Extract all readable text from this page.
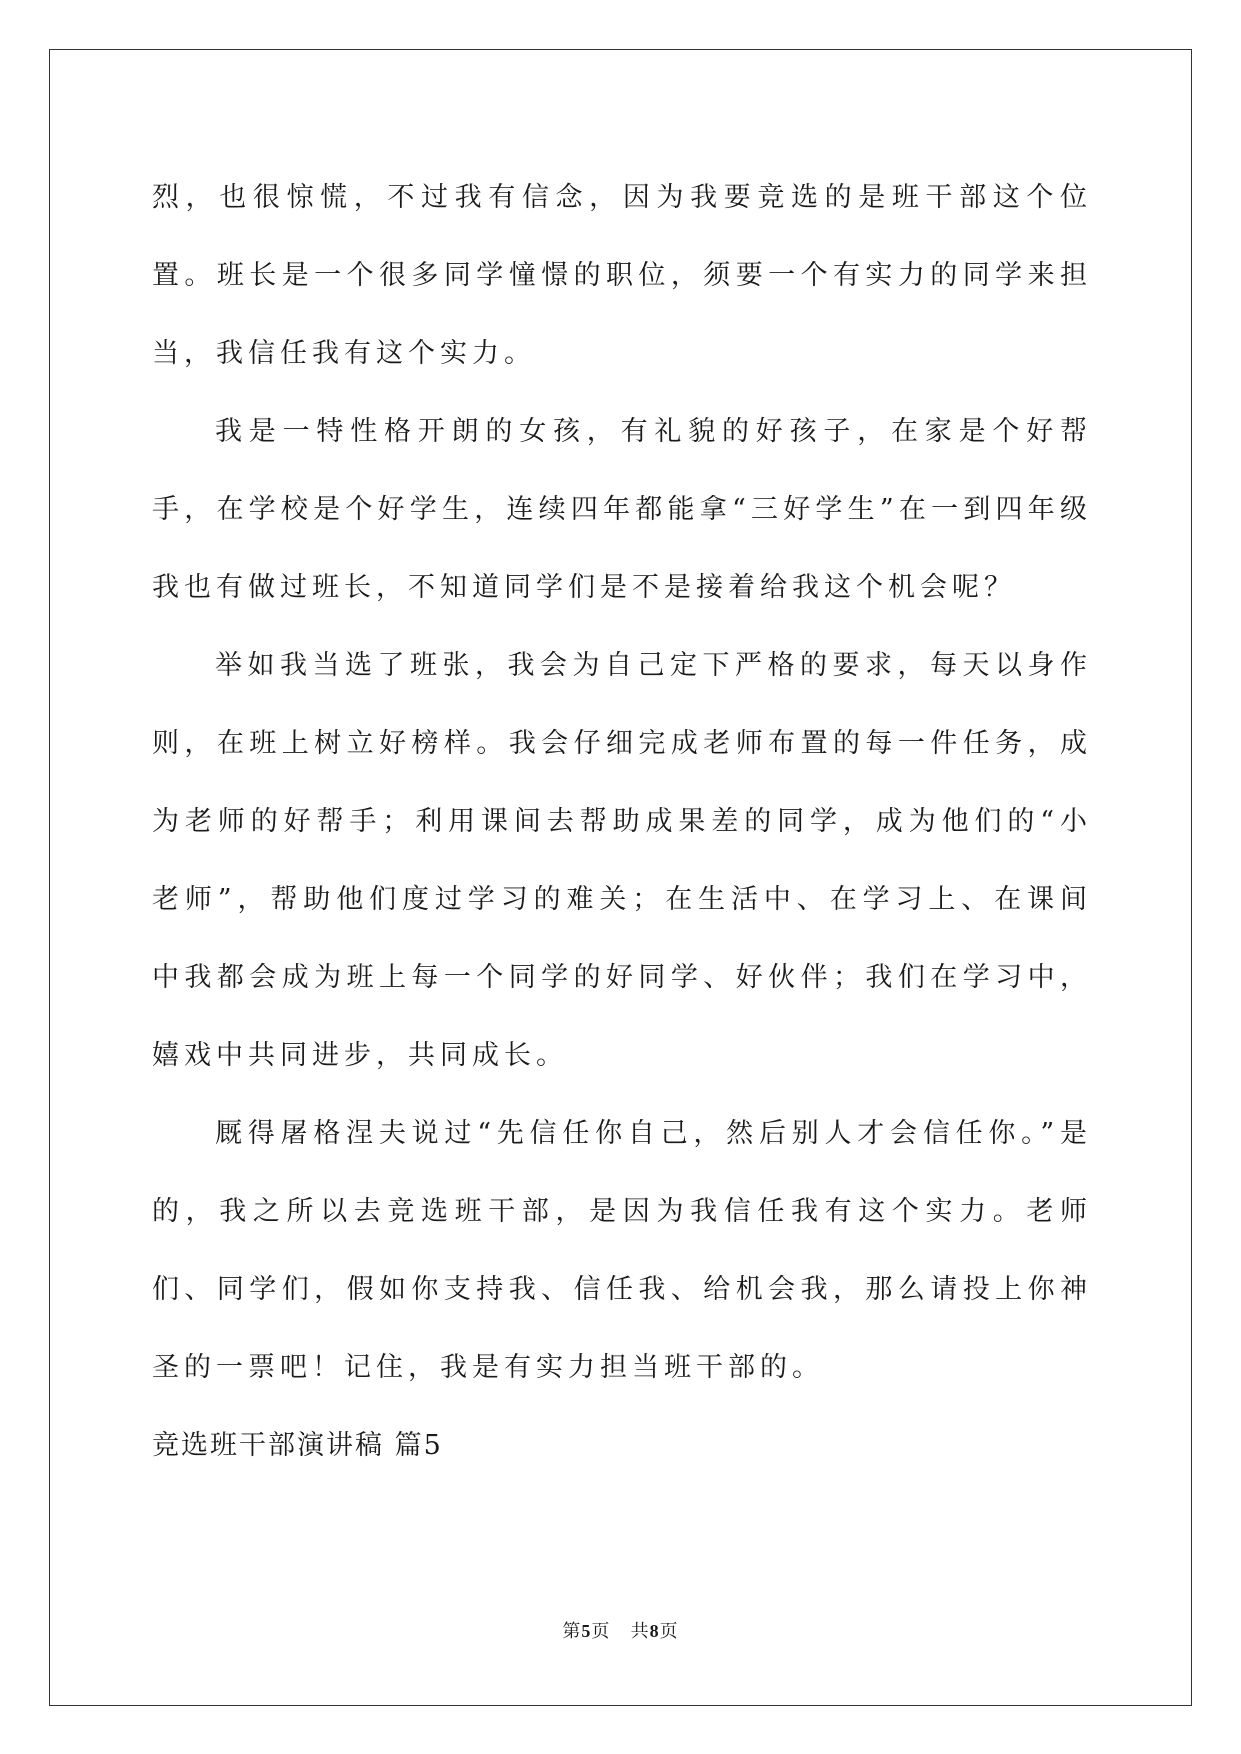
烈，也很惊慌，不过我有信念，因为我要竞选的是班干部这个位置。班长是一个很多同学憧憬的职位，须要一个有实力的同学来担当，我信任我有这个实力。

我是一特性格开朗的女孩，有礼貌的好孩子，在家是个好帮手，在学校是个好学生，连续四年都能拿“三好学生”在一到四年级我也有做过班长，不知道同学们是不是接着给我这个机会呢？

举如我当选了班张，我会为自己定下严格的要求，每天以身作则，在班上树立好榜样。我会仔细完成老师布置的每一件任务，成为老师的好帮手；利用课间去帮助成果差的同学，成为他们的“小老师”，帮助他们度过学习的难关；在生活中、在学习上、在课间中我都会成为班上每一个同学的好同学、好伙伴；我们在学习中，嬉戏中共同进步，共同成长。

厩得屠格涅夫说过“先信任你自己，然后别人才会信任你。”是的，我之所以去竞选班干部，是因为我信任我有这个实力。老师们、同学们，假如你支持我、信任我、给机会我，那么请投上你神圣的一票吧！记住，我是有实力担当班干部的。

竞选班干部演讲稿 篇5

第5页 共8页
